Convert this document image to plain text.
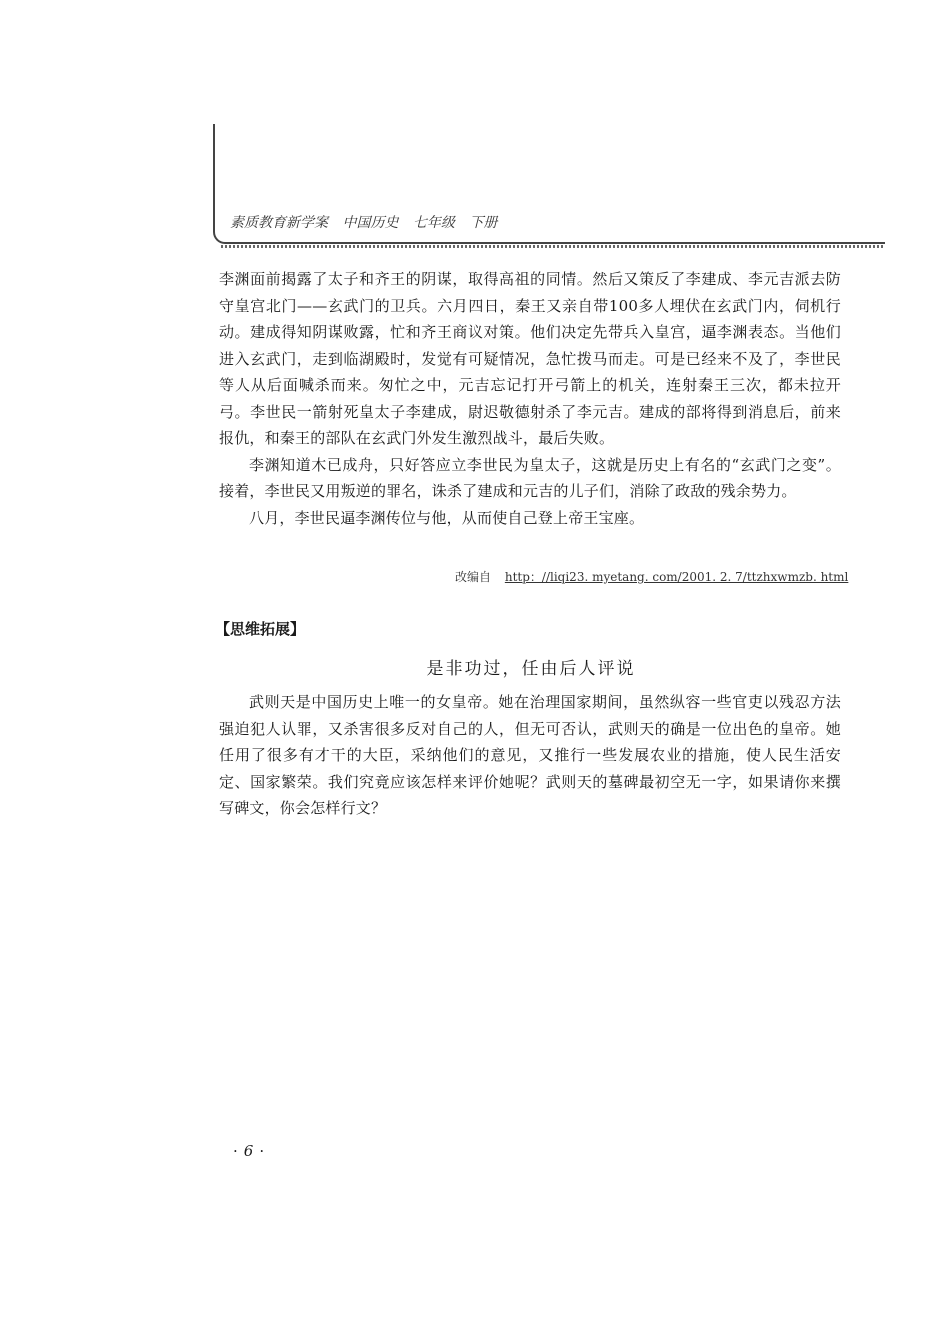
素质教育新学案 中国历史 七年级 下册

李渊面前揭露了太子和齐王的阴谋，取得高祖的同情。然后又策反了李建成、李元吉派去防守皇宫北门——玄武门的卫兵。六月四日，秦王又亲自带100多人埋伏在玄武门内，伺机行动。建成得知阴谋败露，忙和齐王商议对策。他们决定先带兵入皇宫，逼李渊表态。当他们进入玄武门，走到临湖殿时，发觉有可疑情况，急忙拨马而走。可是已经来不及了，李世民等人从后面喊杀而来。匆忙之中，元吉忘记打开弓箭上的机关，连射秦王三次，都未拉开弓。李世民一箭射死皇太子李建成，尉迟敬德射杀了李元吉。建成的部将得到消息后，前来报仇，和秦王的部队在玄武门外发生激烈战斗，最后失败。

李渊知道木已成舟，只好答应立李世民为皇太子，这就是历史上有名的“玄武门之变”。接着，李世民又用叛逆的罪名，诛杀了建成和元吉的儿子们，消除了政敌的残余势力。

八月，李世民逼李渊传位与他，从而使自己登上帝王宝座。

改编自 http：//liqi23. myetang. com/2001. 2. 7/ttzhxwmzb. html
【思维拓展】
是非功过，任由后人评说

武则天是中国历史上唯一的女皇帝。她在治理国家期间，虽然纵容一些官吏以残忍方法强迫犯人认罪，又杀害很多反对自己的人，但无可否认，武则天的确是一位出色的皇帝。她任用了很多有才干的大臣，采纳他们的意见，又推行一些发展农业的措施，使人民生活安定、国家繁荣。我们究竟应该怎样来评价她呢？武则天的墓碑最初空无一字，如果请你来撰写碑文，你会怎样行文？

· 6 ·
